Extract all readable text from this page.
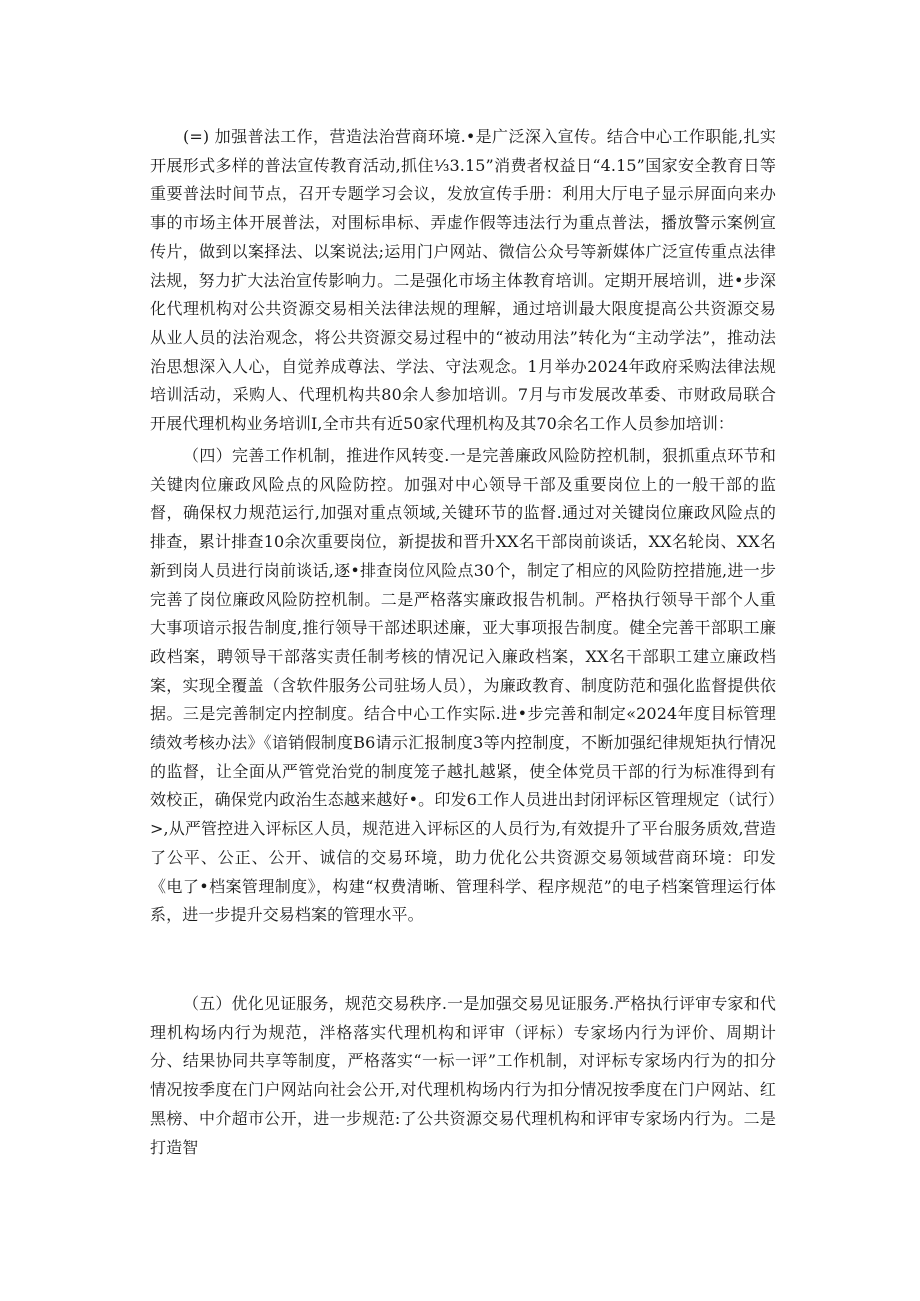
(=) 加强普法工作，营造法治营商环境.•是广泛深入宣传。结合中心工作职能,扎实开展形式多样的普法宣传教育活动,抓住⅓3.15”消费者权益日“4.15”国家安全教育日等重要普法时间节点，召开专题学习会议，发放宣传手册：利用大厅电子显示屏面向来办事的市场主体开展普法，对围标串标、弄虚作假等违法行为重点普法，播放警示案例宣传片，做到以案择法、以案说法;运用门户网站、微信公众号等新媒体广泛宣传重点法律法规，努力扩大法治宣传影响力。二是强化市场主体教育培训。定期开展培训，进•步深化代理机构对公共资源交易相关法律法规的理解，通过培训最大限度提高公共资源交易从业人员的法治观念，将公共资源交易过程中的“被动用法”转化为“主动学法”，推动法治思想深入人心，自觉养成尊法、学法、守法观念。1月举办2024年政府采购法律法规培训活动，采购人、代理机构共80余人参加培训。7月与市发展改革委、市财政局联合开展代理机构业务培训I,全市共有近50家代理机构及其70余名工作人员参加培训：

（四）完善工作机制，推进作风转变.一是完善廉政风险防控机制，狠抓重点环节和关键肉位廉政风险点的风险防控。加强对中心领导干部及重要岗位上的一般干部的监督，确保权力规范运行,加强对重点领域,关键环节的监督.通过对关键岗位廉政风险点的排查，累计排查10余次重要岗位，新提拔和晋升XX名干部岗前谈话，XX名轮岗、XX名新到岗人员进行岗前谈话,逐•排查岗位风险点30个，制定了相应的风险防控措施,进一步完善了岗位廉政风险防控机制。二是严格落实廉政报告机制。严格执行领导干部个人重大事项谙示报告制度,推行领导干部述职述廉，亚大事项报告制度。健全完善干部职工廉政档案，聘领导干部落实责任制考核的情况记入廉政档案，XX名干部职工建立廉政档案，实现全覆盖（含软件服务公司驻场人员），为廉政教育、制度防范和强化监督提供依据。三是完善制定内控制度。结合中心工作实际.进•步完善和制定«2024年度目标管理绩效考核办法》《谙销假制度B6请示汇报制度3等内控制度，不断加强纪律规矩执行情况的监督，让全面从严管党治党的制度笼子越扎越紧，使全体党员干部的行为标准得到有效校正，确保党内政治生态越来越好•。印发6工作人员进出封闭评标区管理规定（试行）>,从严管控进入评标区人员，规范进入评标区的人员行为,有效提升了平台服务质效,营造了公平、公正、公开、诚信的交易环境，助力优化公共资源交易领域营商环境：印发《电了•档案管理制度》，构建“权费清晰、管理科学、程序规范”的电子档案管理运行体系，进一步提升交易档案的管理水平。

（五）优化见证服务，规范交易秩序.一是加强交易见证服务.严格执行评审专家和代理机构场内行为规范，泮格落实代理机构和评审（评标）专家场内行为评价、周期计分、结果协同共享等制度，严格落实“一标一评”工作机制，对评标专家场内行为的扣分情况按季度在门户网站向社会公开,对代理机构场内行为扣分情况按季度在门户网站、红黑榜、中介超市公开，进一步规范:了公共资源交易代理机构和评审专家场内行为。二是打造智
